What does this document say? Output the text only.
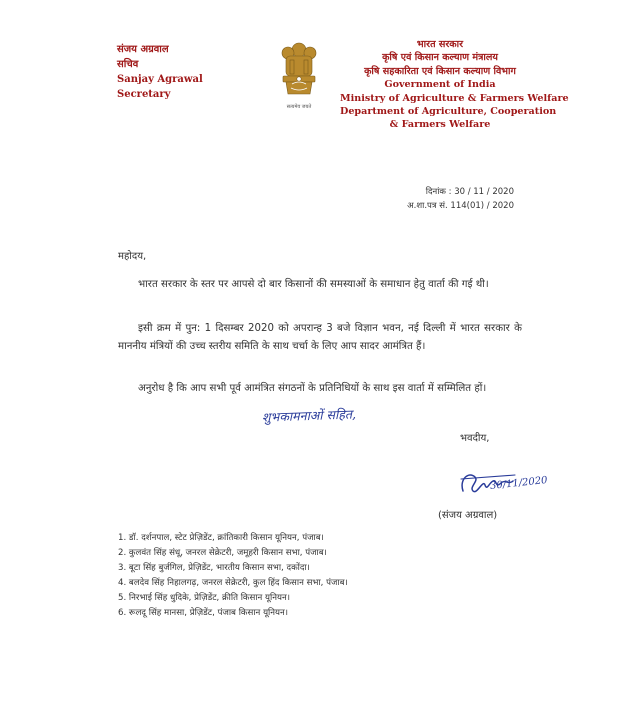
संजय अग्रवाल
सचिव
Sanjay Agrawal
Secretary
सत्यमेव जयते
भारत सरकार
कृषि एवं किसान कल्याण मंत्रालय
कृषि सहकारिता एवं किसान कल्याण विभाग
Government of India
Ministry of Agriculture & Farmers Welfare
Department of Agriculture, Cooperation
& Farmers Welfare
दिनांक : 30 / 11 / 2020
अ.शा.पत्र सं. 114(01) / 2020
महोदय,
भारत सरकार के स्तर पर आपसे दो बार किसानों की समस्याओं के समाधान हेतु वार्ता की गई थी।
इसी क्रम में पुन: 1 दिसम्बर 2020 को अपरान्ह 3 बजे विज्ञान भवन, नई दिल्ली में भारत सरकार के माननीय मंत्रियों की उच्च स्तरीय समिति के साथ चर्चा के लिए आप सादर आमंत्रित हैं।
अनुरोध है कि आप सभी पूर्व आमंत्रित संगठनों के प्रतिनिधियों के साथ इस वार्ता में सम्मिलित हों।
शुभकामनाओं सहित,
भवदीय,
30/11/2020
(संजय अग्रवाल)
1. डॉ. दर्शनपाल, स्टेट प्रेज़िडेंट, क्रांतिकारी किसान यूनियन, पंजाब।
2. कुलवंत सिंह संधू, जनरल सेक्रेटरी, जमूहरी किसान सभा, पंजाब।
3. बूटा सिंह बुर्जगिल, प्रेज़िडेंट, भारतीय किसान सभा, दकोंदा।
4. बलदेव सिंह निहालगढ़, जनरल सेक्रेटरी, कुल हिंद किसान सभा, पंजाब।
5. निरभाई सिंह धुदिके, प्रेज़िडेंट, क्रीति किसान यूनियन।
6. रूलदू सिंह मानसा, प्रेज़िडेंट, पंजाब किसान यूनियन।
